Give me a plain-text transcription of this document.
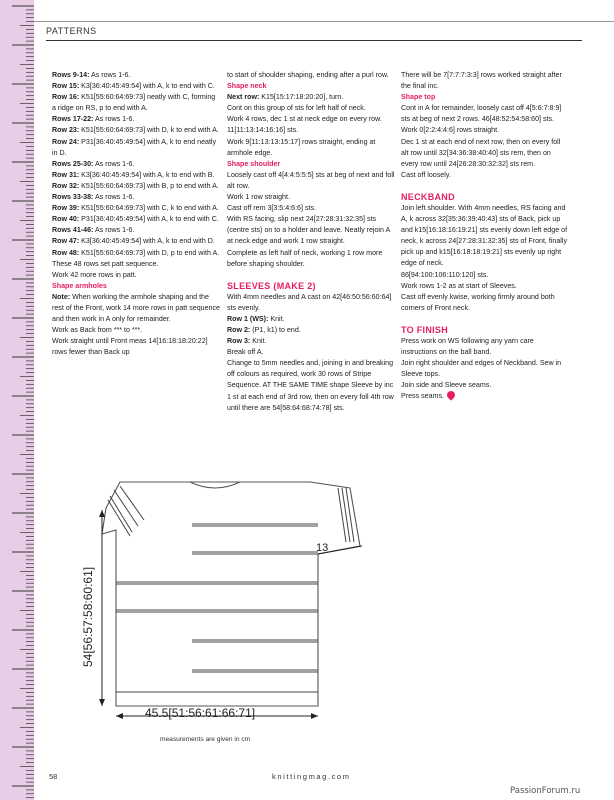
PATTERNS

Rows 9-14: As rows 1-6.

Row 15: K3[36:40:45:49:54] with A, k to end with C.

Row 16: K51[55:60:64:69:73] neatly with C, forming a ridge on RS, p to end with A.

Rows 17-22: As rows 1-6.

Row 23: K51[55:60:64:69:73] with D, k to end with A.

Row 24: P31[36:40:45:49:54] with A, k to end neatly in D.

Rows 25-30: As rows 1-6.

Row 31: K3[36:40:45:49:54] with A, k to end with B.

Row 32: K51[55:60:64:69:73] with B, p to end with A.

Rows 33-38: As rows 1-6.

Row 39: K51[55:60:64:69:73] with C, k to end with A.

Row 40: P31[36:40:45:49:54] with A, k to end with C.

Rows 41-46: As rows 1-6.

Row 47: K3[36:40:45:49:54] with A, k to end with D.

Row 48: K51[55:60:64:69:73] with D, p to end with A.

These 48 rows set patt sequence.

Work 42 more rows in patt.

Shape armholes

Note: When working the armhole shaping and the rest of the Front, work 14 more rows in patt sequence and then work in A only for remainder.

Work as Back from *** to ***.

Work straight until Front meas 14[16:18:18:20:22] rows fewer than Back up

to start of shoulder shaping, ending after a purl row.

Shape neck

Next row: K15[15:17:18:20:20], turn.

Cont on this group of sts for left half of neck.

Work 4 rows, dec 1 st at neck edge on every row. 11[11:13:14:16:16] sts.

Work 9[11:13:13:15:17] rows straight, ending at armhole edge.

Shape shoulder

Loosely cast off 4[4:4:5:5:5] sts at beg of next and foll alt row.

Work 1 row straight.

Cast off rem 3[3:5:4:6:6] sts.

With RS facing, slip next 24[27:28:31:32:35] sts (centre sts) on to a holder and leave. Neatly rejoin A at neck edge and work 1 row straight.

Complete as left half of neck, working 1 row more before shaping shoulder.

SLEEVES (MAKE 2)

With 4mm needles and A cast on 42[46:50:56:60:64] sts evenly.

Row 1 (WS): Knit.

Row 2: (P1, k1) to end.

Row 3: Knit.

Break off A.

Change to 5mm needles and, joining in and breaking off colours as required, work 30 rows of Stripe Sequence. AT THE SAME TIME shape Sleeve by inc 1 st at each end of 3rd row, then on every foll 4th row until there are 54[58:64:68:74:78] sts.

There will be 7[7:7:7:3:3] rows worked straight after the final inc.

Shape top

Cont in A for remainder, loosely cast off 4[5:6:7:8:9] sts at beg of next 2 rows. 46[48:52:54:58:60] sts.

Work 0[2:2:4:4:6] rows straight.

Dec 1 st at each end of next row, then on every foll alt row until 32[34:36:38:40:40] sts rem, then on every row until 24[26:28:30:32:32] sts rem.

Cast off loosely.

NECKBAND

Join left shoulder. With 4mm needles, RS facing and A, k across 32[35:36:39:40:43] sts of Back, pick up and k15[16:18:16:19:21] sts evenly down left edge of neck, k across 24[27:28:31:32:35] sts of Front, finally pick up and k15[16:18:18:19:21] sts evenly up right edge of neck.

86[94:100:106:110:120] sts.

Work rows 1-2 as at start of Sleeves.

Cast off evenly kwise, working firmly around both corners of Front neck.

TO FINISH

Press work on WS following any yarn care instructions on the ball band.

Join right shoulder and edges of Neckband. Sew in Sleeve tops.

Join side and Sleeve seams.

Press seams.

13
45.5[51:56:61:66:71]
54[56:57:58:60:61]
measurements are given in cm
58	knittingmag.com
PassionForum.ru
